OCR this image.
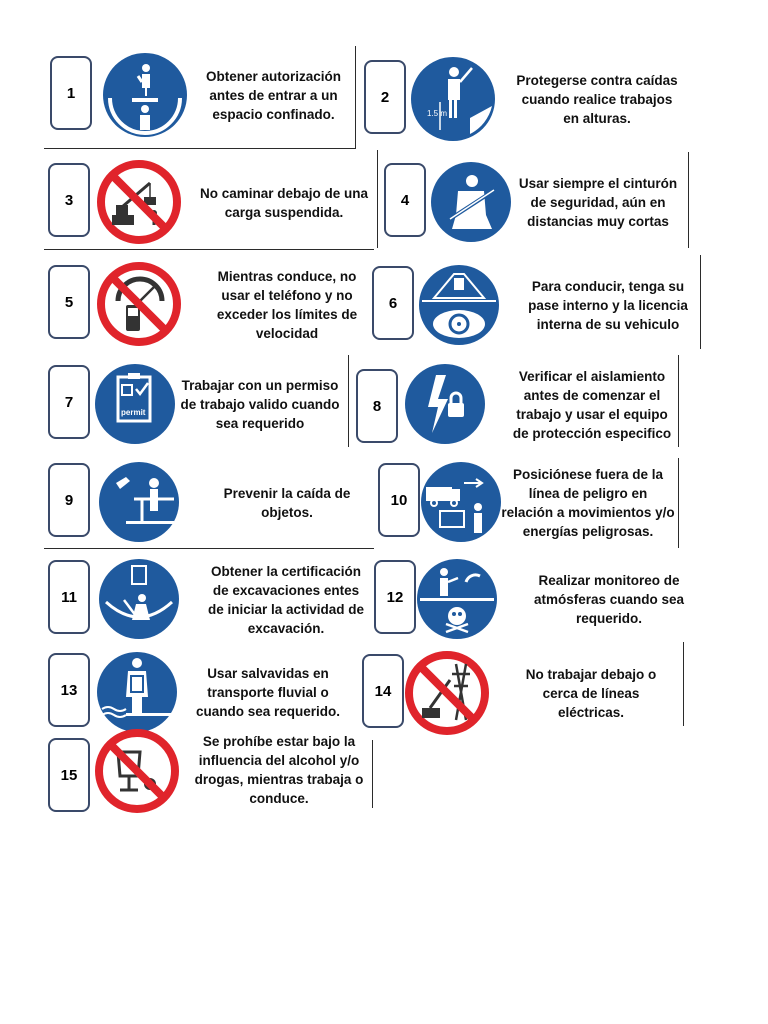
1
Obtener autorización
antes de entrar a un
espacio confinado.
2
1.5 m
Protegerse contra caídas
cuando realice trabajos
en alturas.
3	No caminar debajo de una
carga suspendida.
4
Usar siempre el cinturón
de seguridad, aún en
distancias muy cortas
5
Mientras conduce, no
usar el teléfono y no
exceder los límites de
velocidad
6
Para conducir, tenga su
pase interno y la licencia
interna de su vehiculo
7
permit
Trabajar con un permiso
de trabajo valido cuando
sea requerido
8
Verificar el aislamiento
antes de comenzar el
trabajo y usar el equipo
de protección especifico
9	Prevenir la caída de
objetos.
10
Posiciónese fuera de la
línea de peligro en
relación a movimientos y/o
energías peligrosas.
11
Obtener la certificación
de excavaciones entes
de iniciar la actividad de
excavación.
12
Realizar monitoreo de
atmósferas cuando sea
requerido.
13
Usar salvavidas en
transporte fluvial o
cuando sea requerido.
14
No trabajar debajo o
cerca de líneas
eléctricas.
15
Se prohíbe estar bajo la
influencia del alcohol y/o
drogas, mientras trabaja o
conduce.
